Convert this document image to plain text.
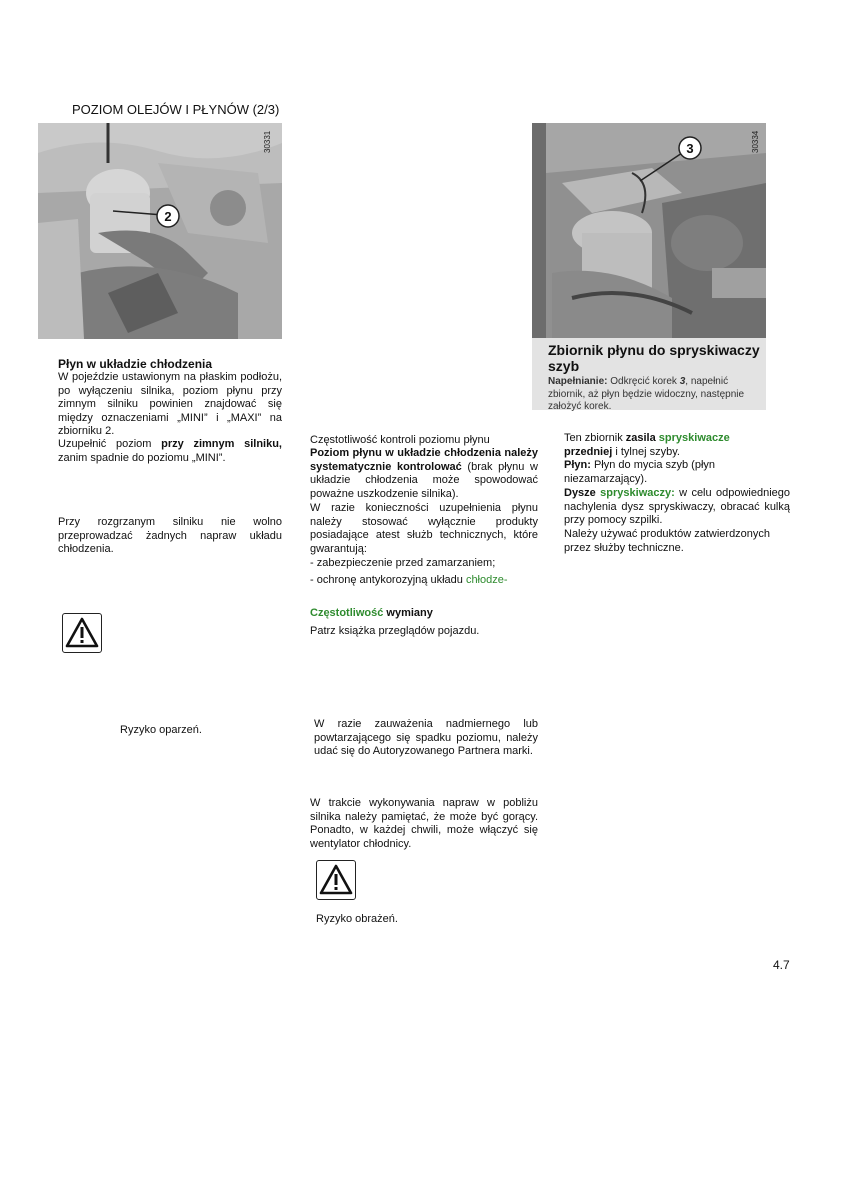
POZIOM OLEJÓW I PŁYNÓW (2/3)
2
30331	3	30334
Zbiornik płynu do spryskiwaczy szyb
Napełnianie: Odkręcić korek 3, napełnić zbiornik, aż płyn będzie widoczny, następnie założyć korek.
Płyn w układzie chłodzenia
W pojeździe ustawionym na płaskim podłożu, po wyłączeniu silnika, poziom płynu przy zimnym silniku powinien znajdować się między oznaczeniami „MINI” i „MAXI” na zbiorniku 2.
Uzupełnić poziom przy zimnym silniku, zanim spadnie do poziomu „MINI”.
Przy rozgrzanym silniku nie wolno przeprowadzać żadnych napraw układu chłodzenia.
Ryzyko oparzeń.
Częstotliwość kontroli poziomu płynu
Poziom płynu w układzie chłodzenia należy systematycznie kontrolować (brak płynu w układzie chłodzenia może spowodować poważne uszkodzenie silnika).
W razie konieczności uzupełnienia płynu należy stosować wyłącznie produkty posiadające atest służb technicznych, które gwarantują:
- zabezpieczenie przed zamarzaniem;
- ochronę antykorozyjną układu chłodze-
Częstotliwość wymiany
Patrz książka przeglądów pojazdu.
W razie zauważenia nadmiernego lub powtarzającego się spadku poziomu, należy udać się do Autoryzowanego Partnera marki.
W trakcie wykonywania napraw w pobliżu silnika należy pamiętać, że może być gorący. Ponadto, w każdej chwili, może włączyć się wentylator chłodnicy.
Ryzyko obrażeń.
Ten zbiornik zasila spryskiwacze
przedniej i tylnej szyby.
Płyn: Płyn do mycia szyb (płyn niezamarzający).
Dysze spryskiwaczy: w celu odpowiedniego nachylenia dysz spryskiwaczy, obracać kulką przy pomocy szpilki.
Należy używać produktów zatwierdzonych przez służby techniczne.
4.7
